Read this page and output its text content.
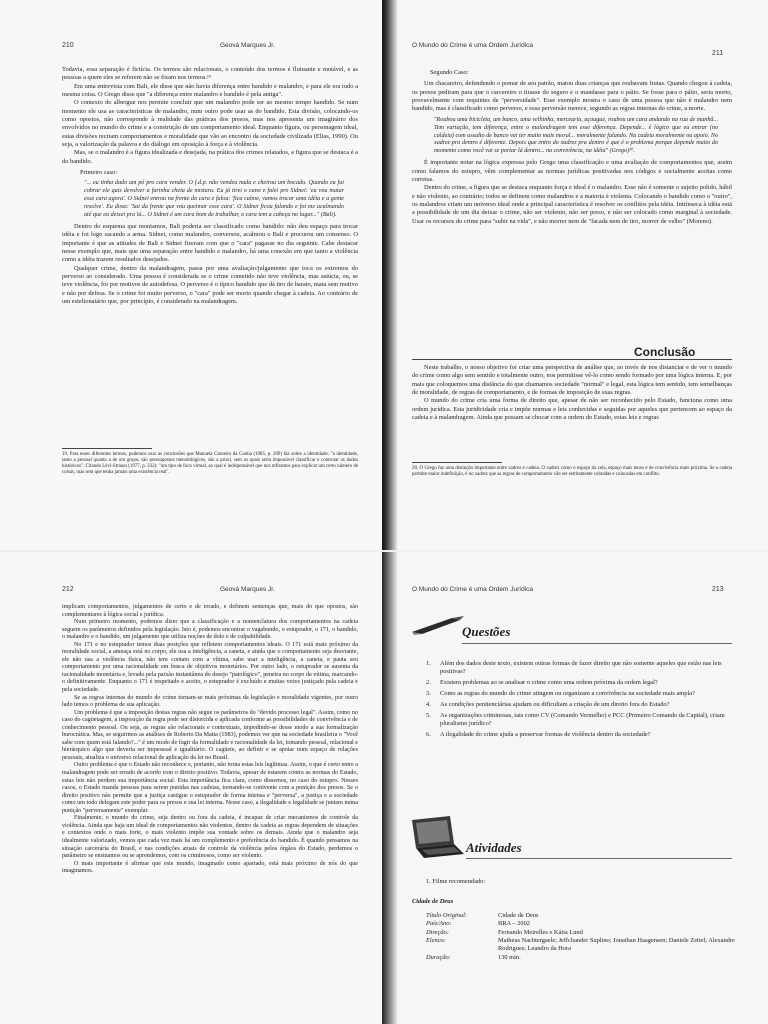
210	Geová Marques Jr.

Todavia, essa separação é fictícia. Os termos são relacionais, o conteúdo dos termos é flutuante e mutável, e as pessoas a quem eles se referem não se fixam nos termos.¹⁹

Em uma entrevista com Bali, ele disse que não havia diferença entre bandido e malandro, e para ele era tudo a mesma coisa. O Grego disse que "a diferença entre malandro e bandido é pela antiga".

O contexto do albergue nos permite concluir que um malandro pode ser ao mesmo tempo bandido. Se num momento ele usa as características de malandro, num outro pode usar as do bandido. Esta divisão, colocando-os como opostos, não corresponde à realidade das práticas dos presos, mas nos apresenta um imaginário dos envolvidos no mundo do crime e a construção de um comportamento ideal. Enquanto figura, ou personagem ideal, estas divisões recriam comportamentos e moralidade que vão ao encontro da sociedade civilizada (Elias, 1990). Ou seja, a valorização da palavra e do diálogo em oposição à força e à violência.

Mas, se o malandro é a figura idealizada e desejada, na prática dos crimes relatados, a figura que se destaca é a do bandido.

Primeiro caso:

"... eu tinha dado um pó pro cara vender. O f.d.p. não vendeu nada e cheirou um bocado. Quando eu fui cobrar ele quis devolver a farinha cheia de mistura. Eu já tirei o cano e falei pro Sidnei: 'eu vou matar esse cara agora'. O Sidnei entrou na frente do cara e falou: 'fica calmo, vamos trocar uma idéia e a gente resolve'. Eu disse: 'Sai da frente que vou queimar esse cara'. O Sidnei ficou falando e foi me acalmando até que eu deixei pra lá... O Sidnei é um cara bom de trabalhar, o cara tem a cabeça no lugar..." (Bali).

Dentro do esquema que montamos, Bali poderia ser classificado como bandido: não deu espaço para trocar idéia e foi logo sacando a arma. Sidnei, como malandro, conversou, acalmou o Bali e procurou um consenso. O importante é que as atitudes de Bali e Sidnei fizeram com que o "cara" pagasse no dia seguinte. Cabe destacar nesse exemplo que, mais que uma separação entre bandido e malandro, há uma conexão em que tanto a violência como a idéia trazem resultados desejados.

Qualquer crime, dentro da malandragem, passa por uma avaliação/julgamento que toca os extremos do perverso ao considerado. Uma pessoa é considerada se o crime cometido não teve violência, mas astúcia, ou, se teve violência, foi por motivos de autodefesa. O perverso é o típico bandido que dá tiro de barato, mata sem motivo e não por defesa. Se o crime foi muito perverso, o "cara" pode ser morto quando chegar à cadeia. Ao contrário de um estelionatário que, por princípio, é considerado na malandragem.

19. Para esses diferentes termos, podemos usar as conclusões que Manuela Carneiro da Cunha (1985, p. 209) faz sobre a identidade: "a identidade, tanto a pessoal quanto a de um grupo, são pressupostos metodológicos, são a priori, sem os quais seria impossível classificar e controlar os dados históricos". Citando Lévi-Strauss (1977, p. 332): "um tipo de foco virtual, ao qual é indispensável que nos refiramos para explicar um certo número de coisas, mas sem que tenha jamais uma existência real".
O Mundo do Crime é uma Ordem Jurídica
211

Segundo Caso:

Um chacareiro, defendendo o pomar de seu patrão, matou duas crianças que roubavam frutas. Quando chegou à cadeia, os presos pediram para que o carcereiro o tirasse do seguro e o mandasse para o pátio. Se fosse para o pátio, seria morto, provavelmente com requintes de "perversidade". Esse exemplo mostra o caso de uma pessoa que não é malandro nem bandido, mas é classificado como perverso, e essa perversão merece, segundo as regras internas do crime, a morte.

"Roubou uma bicicleta, um banco, uma velhinha, mercearia, açougue, roubou um cara andando na rua de manhã... Tem variação, tem diferença, entre o malandragem tem esse diferença. Depende... é lógico que eu entrar (no caldeia) com assalto de banco vai ter muito mais moral... moralmente falando. Na cadeia moralmente ou apoio. No xadrez pra dentro é diferente. Depois que entro do xadrez pra dentro é que é o problema porque depende muito do momento como você vai se portar lá dentro... na convivência, na idéia" (Grego)²⁰.

É importante notar na lógica expressa pelo Grego uma classificação e uma avaliação de comportamentos que, assim como falamos do estupro, vêm complementar as normas jurídicas positivadas nos códigos e socialmente aceitas como corretas.

Dentro do crime, a figura que se destaca enquanto força e ideal é o malandro. Esse não é somente o sujeito polido, hábil e não violento, ao contrário; todos se definem como malandros e a maioria é violenta. Colocando o bandido como o "outro", os malandros criam um universo ideal onde a principal característica é resolver os conflitos pela idéia. Intrínseca à idéia está a possibilidade de um dia deixar o crime, não ser violento, não ser preso, e não ser colocado como marginal à sociedade. Usar os recursos do crime para "subir na vida", e não morrer nem de "facada nem de tiro, morrer de velho" (Moreno).

Conclusão

Neste trabalho, o nosso objetivo foi criar uma perspectiva de análise que, ao invés de nos distanciar e de ver o mundo do crime como algo sem sentido e totalmente outro, nos permitisse vê-lo como sendo formado por uma lógica interna. E, por mais que coloquemos uma distância do que chamamos sociedade "normal" e legal, esta lógica tem sentido, tem semelhanças de moralidade, de regras de comportamento, e de formas de imposição de suas regras.

O mundo do crime cria uma forma de direito que, apesar de não ser reconhecido pelo Estado, funciona como uma ordem jurídica. Esta juridicidade cria e impõe normas e leis conhecidas e seguidas por aqueles que pertencem ao espaço da cadeia e à malandragem. Ainda que possam se chocar com a ordem do Estado, estas leis e regras

20. O Grego faz uma distinção importante entre xadrez e cadeia. O xadrez como o espaço da cela, espaço mais tenso e de convivência mais próxima. Se a cadeia permite maior indefinição, é no xadrez que as regras de comportamento vão ser estritamente cobradas e colocadas em conflito.
212	Geová Marques Jr.

implicam comportamentos, julgamentos de certo e de errado, e definem sentenças que, mais do que opostos, são complementares à lógica social e jurídica.

Num primeiro momento, podemos dizer que a classificação e a nomenclatura dos comportamentos na cadeia seguem os parâmetros definidos pela legislação. Isto é, podemos encontrar o vagabundo, o estuprador, o 171, o bandido, o malandro e o bandido, um julgamento que utiliza noções de dolo e de culpabilidade.

No 171 e no estuprador temos duas posições que refletem comportamentos ideais. O 171 está mais próximo da moralidade social, a ameaça está no corpo, ele usa a inteligência, a caneta, e ainda que o comportamento seja desviante, ele não usa a violência física, não tem contato com a vítima, sabe usar a inteligência, a caneta, e pauta seu comportamento por uma racionalidade em busca de objetivos monetários. Por outro lado, o estuprador se ausenta da racionalidade monetária e, levado pela paixão instantânea do desejo "patológico", penetra no corpo da vítima, marcando-o definitivamente. Enquanto o 171 é respeitado e aceito, o estuprador é excluído e muitas vezes justiçado pela cadeia e pela sociedade.

Se as regras internas do mundo do crime tornam-se mais próximas da legislação e moralidade vigentes, por outro lado temos o problema de sua aplicação.

Um problema é que a imposição destas regras não segue os parâmetros do "devido processo legal". Assim, como no caso do cagüetagem, a imposição da regra pode ser distorcida e aplicada conforme as possibilidades de convivência e de conhecimento pessoal. Ou seja, as regras são relacionais e contextuais, impedindo-se desse modo a sua formalização burocrática. Mas, se seguirmos as análises de Roberto Da Matta (1983), podemos ver que na sociedade brasileira o "Você sabe com quem está falando?..." é um modo de fugir da formalidade e racionalidade da lei, tomando pessoal, relacional e hierárquico algo que deveria ser impessoal e igualitário. O cagüete, ao definir e se apoiar num espaço de relações pessoais, atualiza o universo relacional de aplicação da lei no Brasil.

Outro problema é que o Estado não reconhece e, portanto, não torna estas leis legítimas. Assim, o que é certo entre a malandragem pode ser errado de acordo com o direito positivo. Todavia, apesar de estarem contra as normas do Estado, estas leis não perdem sua importância social. Esta importância fica clara, como dissemos, no caso do estupro. Nesses casos, o Estado manda pessoas para serem punidas nas cadeias, tornando-se conivente com a punição dos presos. Se o direito positivo não permite que a justiça castigue o estuprador de forma intensa e "perversa", a justiça e a sociedade como um todo delegam este poder para os presos e sua lei interna. Nesse caso, a ilegalidade e legalidade se juntam numa punição "perversamente" exemplar.

Finalmente, o mundo do crime, seja dentro ou fora da cadeia, é incapaz de criar mecanismos de controle da violência. Ainda que haja um ideal de comportamentos não violentos, dentro da cadeia as regras dependem de situações e contextos onde o mais forte, o mais violento impõe sua vontade sobre os demais. Ainda que o malandro seja idealmente valorizado, vemos que cada vez mais há um complemento e preferência do bandido. É quando pensamos na situação carcerária do Brasil, e nas condições atuais de controle da violência pelos órgãos do Estado, perdemos o parâmetro se ensinamos ou se aprendemos, com os criminosos, como ser violento.

O mais importante é afirmar que este mundo, imaginado como apartado, está mais próximo de nós do que imaginamos.

O Mundo do Crime é uma Ordem Jurídica	213
Questões
1. Além dos dados deste texto, existem outras formas de fazer direito que não somente aqueles que estão nas leis positivas?
2. Existem problemas ao se analisar o crime como uma ordem próxima da ordem legal?
3. Como as regras do mundo do crime atingem ou organizam a convivência na sociedade mais ampla?
4. As condições penitenciárias ajudam ou dificultam a criação de um direito fora do Estado?
5. As organizações criminosas, tais como CV (Comando Vermelho) e PCC (Primeiro Comando da Capital), criam pluralismo jurídico?
6. A ilegalidade do crime ajuda a preservar formas de violência dentro da sociedade?
Atividades
1. Filme recomendado:
Cidade de Deus
Título Original:	Cidade de Deus
País/Ano:	BRA – 2002
Direção:	Fernando Meirelles e Kátia Lund
Elenco:	Matheus Nachtergaele; Jeffchander Suplino; Jonathan Haagensen; Daniele Zettel; Alexandre Rodrigues; Leandro da Hora
Duração:	130 min.
